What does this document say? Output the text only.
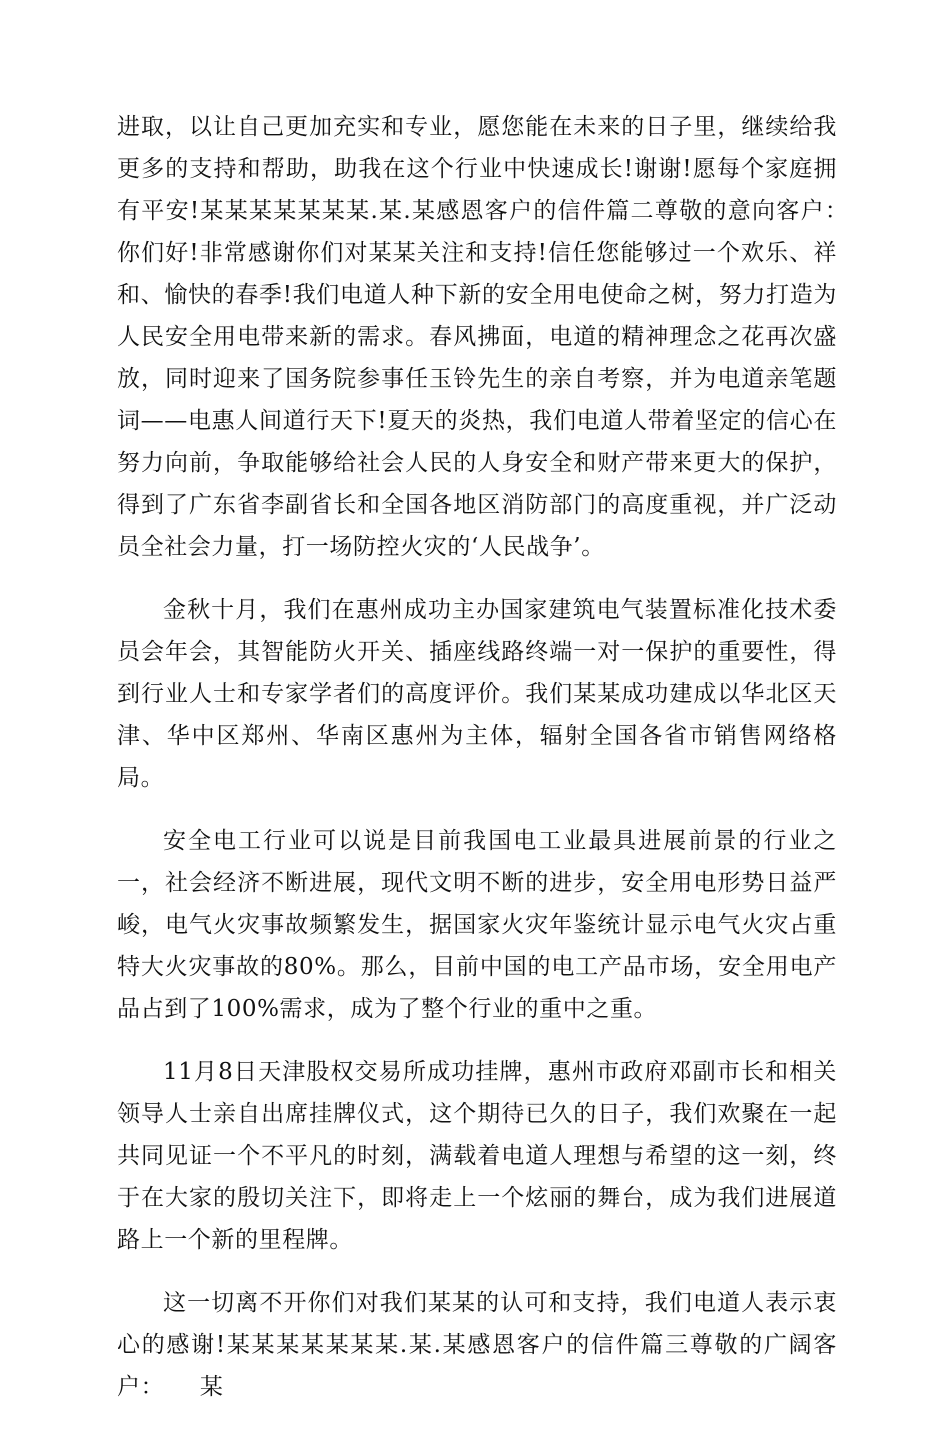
进取，以让自己更加充实和专业，愿您能在未来的日子里，继续给我更多的支持和帮助，助我在这个行业中快速成长!谢谢!愿每个家庭拥有平安!某某某某某某某.某.某感恩客户的信件篇二尊敬的意向客户：　　你们好!非常感谢你们对某某关注和支持!信任您能够过一个欢乐、祥和、愉快的春季!我们电道人种下新的安全用电使命之树，努力打造为人民安全用电带来新的需求。春风拂面，电道的精神理念之花再次盛放，同时迎来了国务院参事任玉铃先生的亲自考察，并为电道亲笔题词——电惠人间道行天下!夏天的炎热，我们电道人带着坚定的信心在努力向前，争取能够给社会人民的人身安全和财产带来更大的保护，得到了广东省李副省长和全国各地区消防部门的高度重视，并广泛动员全社会力量，打一场防控火灾的‘人民战争’。

金秋十月，我们在惠州成功主办国家建筑电气装置标准化技术委员会年会，其智能防火开关、插座线路终端一对一保护的重要性，得到行业人士和专家学者们的高度评价。我们某某成功建成以华北区天津、华中区郑州、华南区惠州为主体，辐射全国各省市销售网络格局。

安全电工行业可以说是目前我国电工业最具进展前景的行业之一，社会经济不断进展，现代文明不断的进步，安全用电形势日益严峻，电气火灾事故频繁发生，据国家火灾年鉴统计显示电气火灾占重特大火灾事故的80%。那么，目前中国的电工产品市场，安全用电产品占到了100%需求，成为了整个行业的重中之重。

11月8日天津股权交易所成功挂牌，惠州市政府邓副市长和相关领导人士亲自出席挂牌仪式，这个期待已久的日子，我们欢聚在一起共同见证一个不平凡的时刻，满载着电道人理想与希望的这一刻，终于在大家的殷切关注下，即将走上一个炫丽的舞台，成为我们进展道路上一个新的里程牌。

这一切离不开你们对我们某某的认可和支持，我们电道人表示衷心的感谢!某某某某某某某.某.某感恩客户的信件篇三尊敬的广阔客户：　　某
